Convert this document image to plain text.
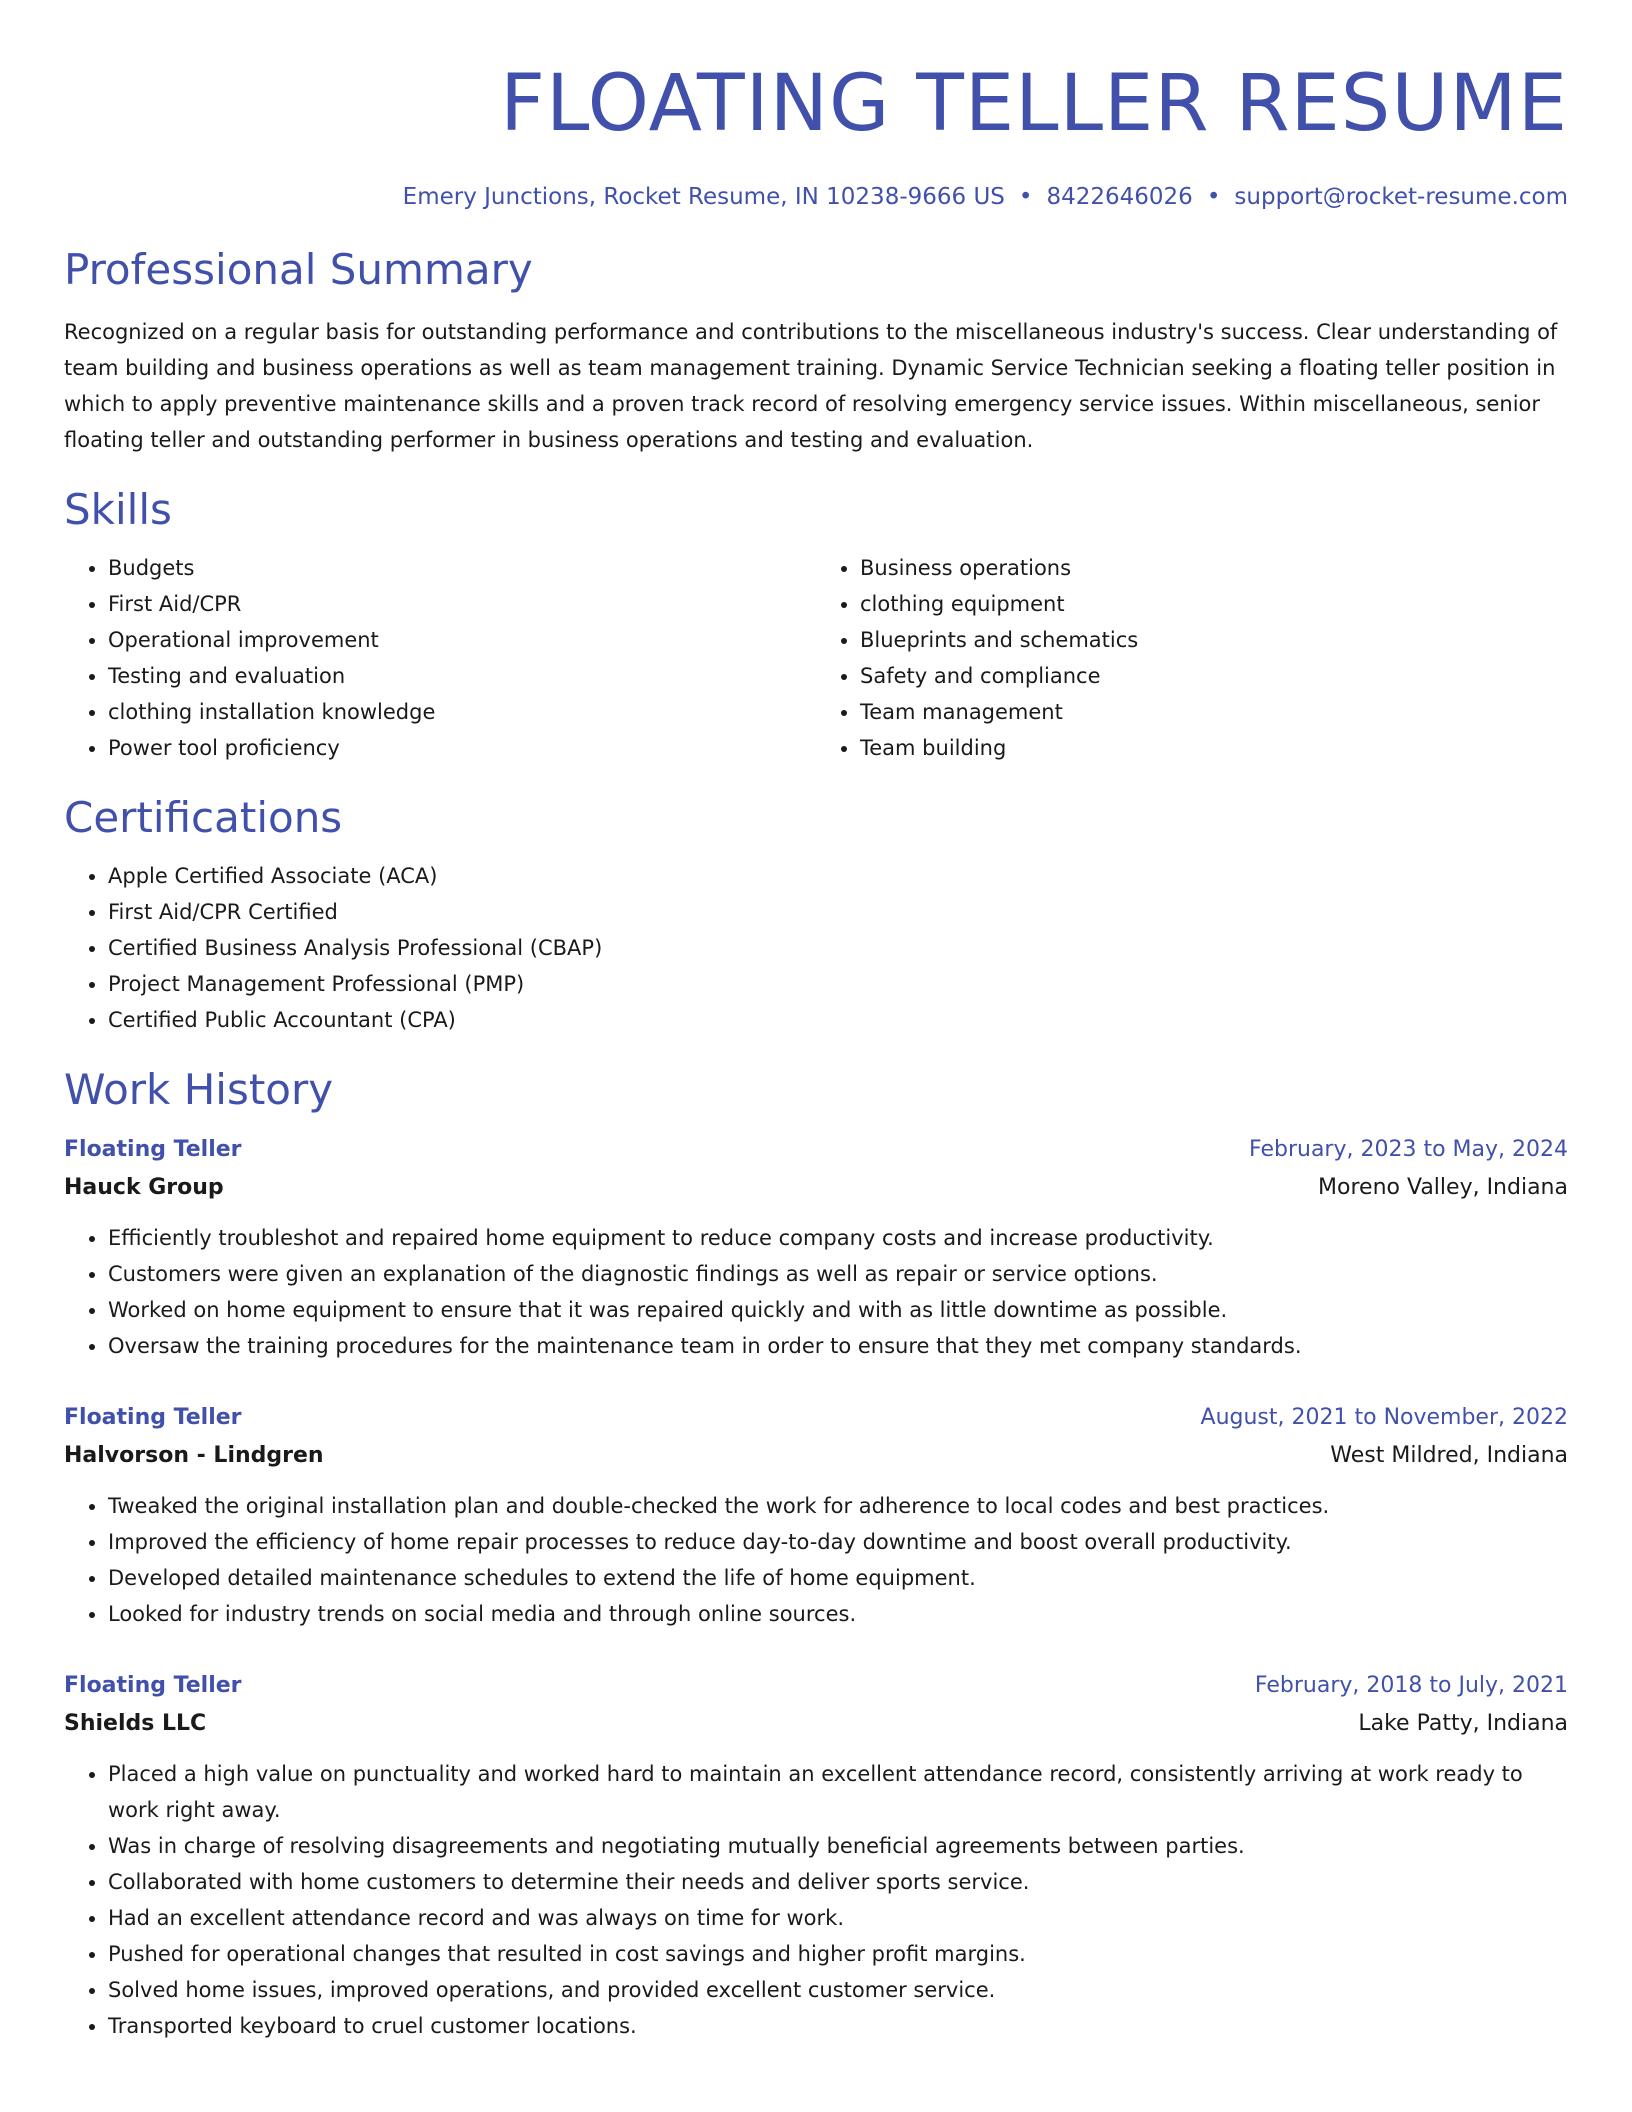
FLOATING TELLER RESUME
Emery Junctions, Rocket Resume, IN 10238-9666 US • 8422646026 • support@rocket-resume.com
Professional Summary

Recognized on a regular basis for outstanding performance and contributions to the miscellaneous industry's success. Clear understanding of team building and business operations as well as team management training. Dynamic Service Technician seeking a floating teller position in which to apply preventive maintenance skills and a proven track record of resolving emergency service issues. Within miscellaneous, senior floating teller and outstanding performer in business operations and testing and evaluation.

Skills
• Budgets
• First Aid/CPR
• Operational improvement
• Testing and evaluation
• clothing installation knowledge
• Power tool proficiency
• Business operations
• clothing equipment
• Blueprints and schematics
• Safety and compliance
• Team management
• Team building
Certifications
• Apple Certified Associate (ACA)
• First Aid/CPR Certified
• Certified Business Analysis Professional (CBAP)
• Project Management Professional (PMP)
• Certified Public Accountant (CPA)
Work History
Floating Teller	February, 2023 to May, 2024
Hauck Group	Moreno Valley, Indiana
• Efficiently troubleshot and repaired home equipment to reduce company costs and increase productivity.
• Customers were given an explanation of the diagnostic findings as well as repair or service options.
• Worked on home equipment to ensure that it was repaired quickly and with as little downtime as possible.
• Oversaw the training procedures for the maintenance team in order to ensure that they met company standards.
Floating Teller	August, 2021 to November, 2022
Halvorson - Lindgren	West Mildred, Indiana
• Tweaked the original installation plan and double-checked the work for adherence to local codes and best practices.
• Improved the efficiency of home repair processes to reduce day-to-day downtime and boost overall productivity.
• Developed detailed maintenance schedules to extend the life of home equipment.
• Looked for industry trends on social media and through online sources.
Floating Teller	February, 2018 to July, 2021
Shields LLC	Lake Patty, Indiana
• Placed a high value on punctuality and worked hard to maintain an excellent attendance record, consistently arriving at work ready to work right away.
• Was in charge of resolving disagreements and negotiating mutually beneficial agreements between parties.
• Collaborated with home customers to determine their needs and deliver sports service.
• Had an excellent attendance record and was always on time for work.
• Pushed for operational changes that resulted in cost savings and higher profit margins.
• Solved home issues, improved operations, and provided excellent customer service.
• Transported keyboard to cruel customer locations.
